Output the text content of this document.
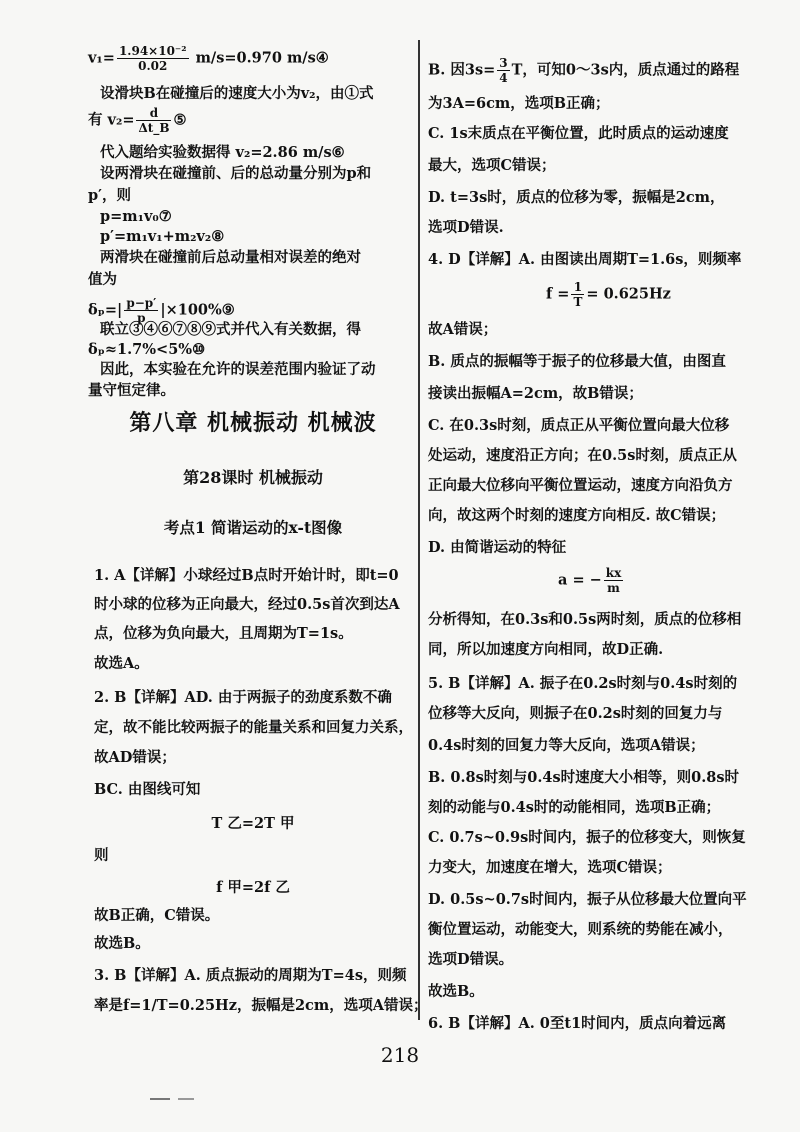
$v_1= \frac{\text{1.94×10⁻²}}{0.02} m/s=0.970$ m/s④
设滑块B在碰撞后的速度大小为v₂，由①式
有 $v_2= \frac{d}{\Delta t\_B}$ ⑤
代入题给实验数据得 v₂=2.86 m/s⑥
设两滑块在碰撞前、后的总动量分别为p和
p′，则
p=m₁v₀⑦
p′=m₁v₁+m₂v₂⑧
两滑块在碰撞前后总动量相对误差的绝对
值为
$\delta_p=| \frac{p-p'}{p}$ |×100%⑨
联立③④⑥⑦⑧⑨式并代入有关数据，得
δₚ≈1.7%<5%⑩
因此，本实验在允许的误差范围内验证了动
量守恒定律。
第八章 机械振动 机械波
第28课时 机械振动
考点1 简谐运动的x-t图像
1. A【详解】小球经过B点时开始计时，即t=0
时小球的位移为正向最大，经过0.5s首次到达A
点，位移为负向最大，且周期为T=1s。
故选A。
2. B【详解】AD. 由于两振子的劲度系数不确
定，故不能比较两振子的能量关系和回复力关系，
故AD错误；
BC. 由图线可知
T 乙=2T 甲
则
f 甲=2f 乙
故B正确，C错误。
故选B。
3. B【详解】A. 质点振动的周期为T=4s，则频
率是f=1/T=0.25Hz，振幅是2cm，选项A错误；
B. 因$3s= \frac{3}{4}$ T，可知0～3s内，质点通过的路程
为3A=6cm，选项B正确；
C. 1s末质点在平衡位置，此时质点的运动速度
最大，选项C错误；
D. t=3s时，质点的位移为零，振幅是2cm，
选项D错误.
4. D【详解】A. 由图读出周期T=1.6s，则频率
$f = \frac{1}{T} = 0.625Hz$
故A错误；
B. 质点的振幅等于振子的位移最大值，由图直
接读出振幅A=2cm，故B错误；
C. 在0.3s时刻，质点正从平衡位置向最大位移
处运动，速度沿正方向；在0.5s时刻，质点正从
正向最大位移向平衡位置运动，速度方向沿负方
向，故这两个时刻的速度方向相反. 故C错误；
D. 由简谐运动的特征
a = − $\frac{kx}{m}$
分析得知，在0.3s和0.5s两时刻，质点的位移相
同，所以加速度方向相同，故D正确.
5. B【详解】A. 振子在0.2s时刻与0.4s时刻的
位移等大反向，则振子在0.2s时刻的回复力与
0.4s时刻的回复力等大反向，选项A错误；
B. 0.8s时刻与0.4s时速度大小相等，则0.8s时
刻的动能与0.4s时的动能相同，选项B正确；
C. 0.7s~0.9s时间内，振子的位移变大，则恢复
力变大，加速度在增大，选项C错误；
D. 0.5s~0.7s时间内，振子从位移最大位置向平
衡位置运动，动能变大，则系统的势能在减小，
选项D错误。
故选B。
6. B【详解】A. 0至t1时间内，质点向着远离
218
